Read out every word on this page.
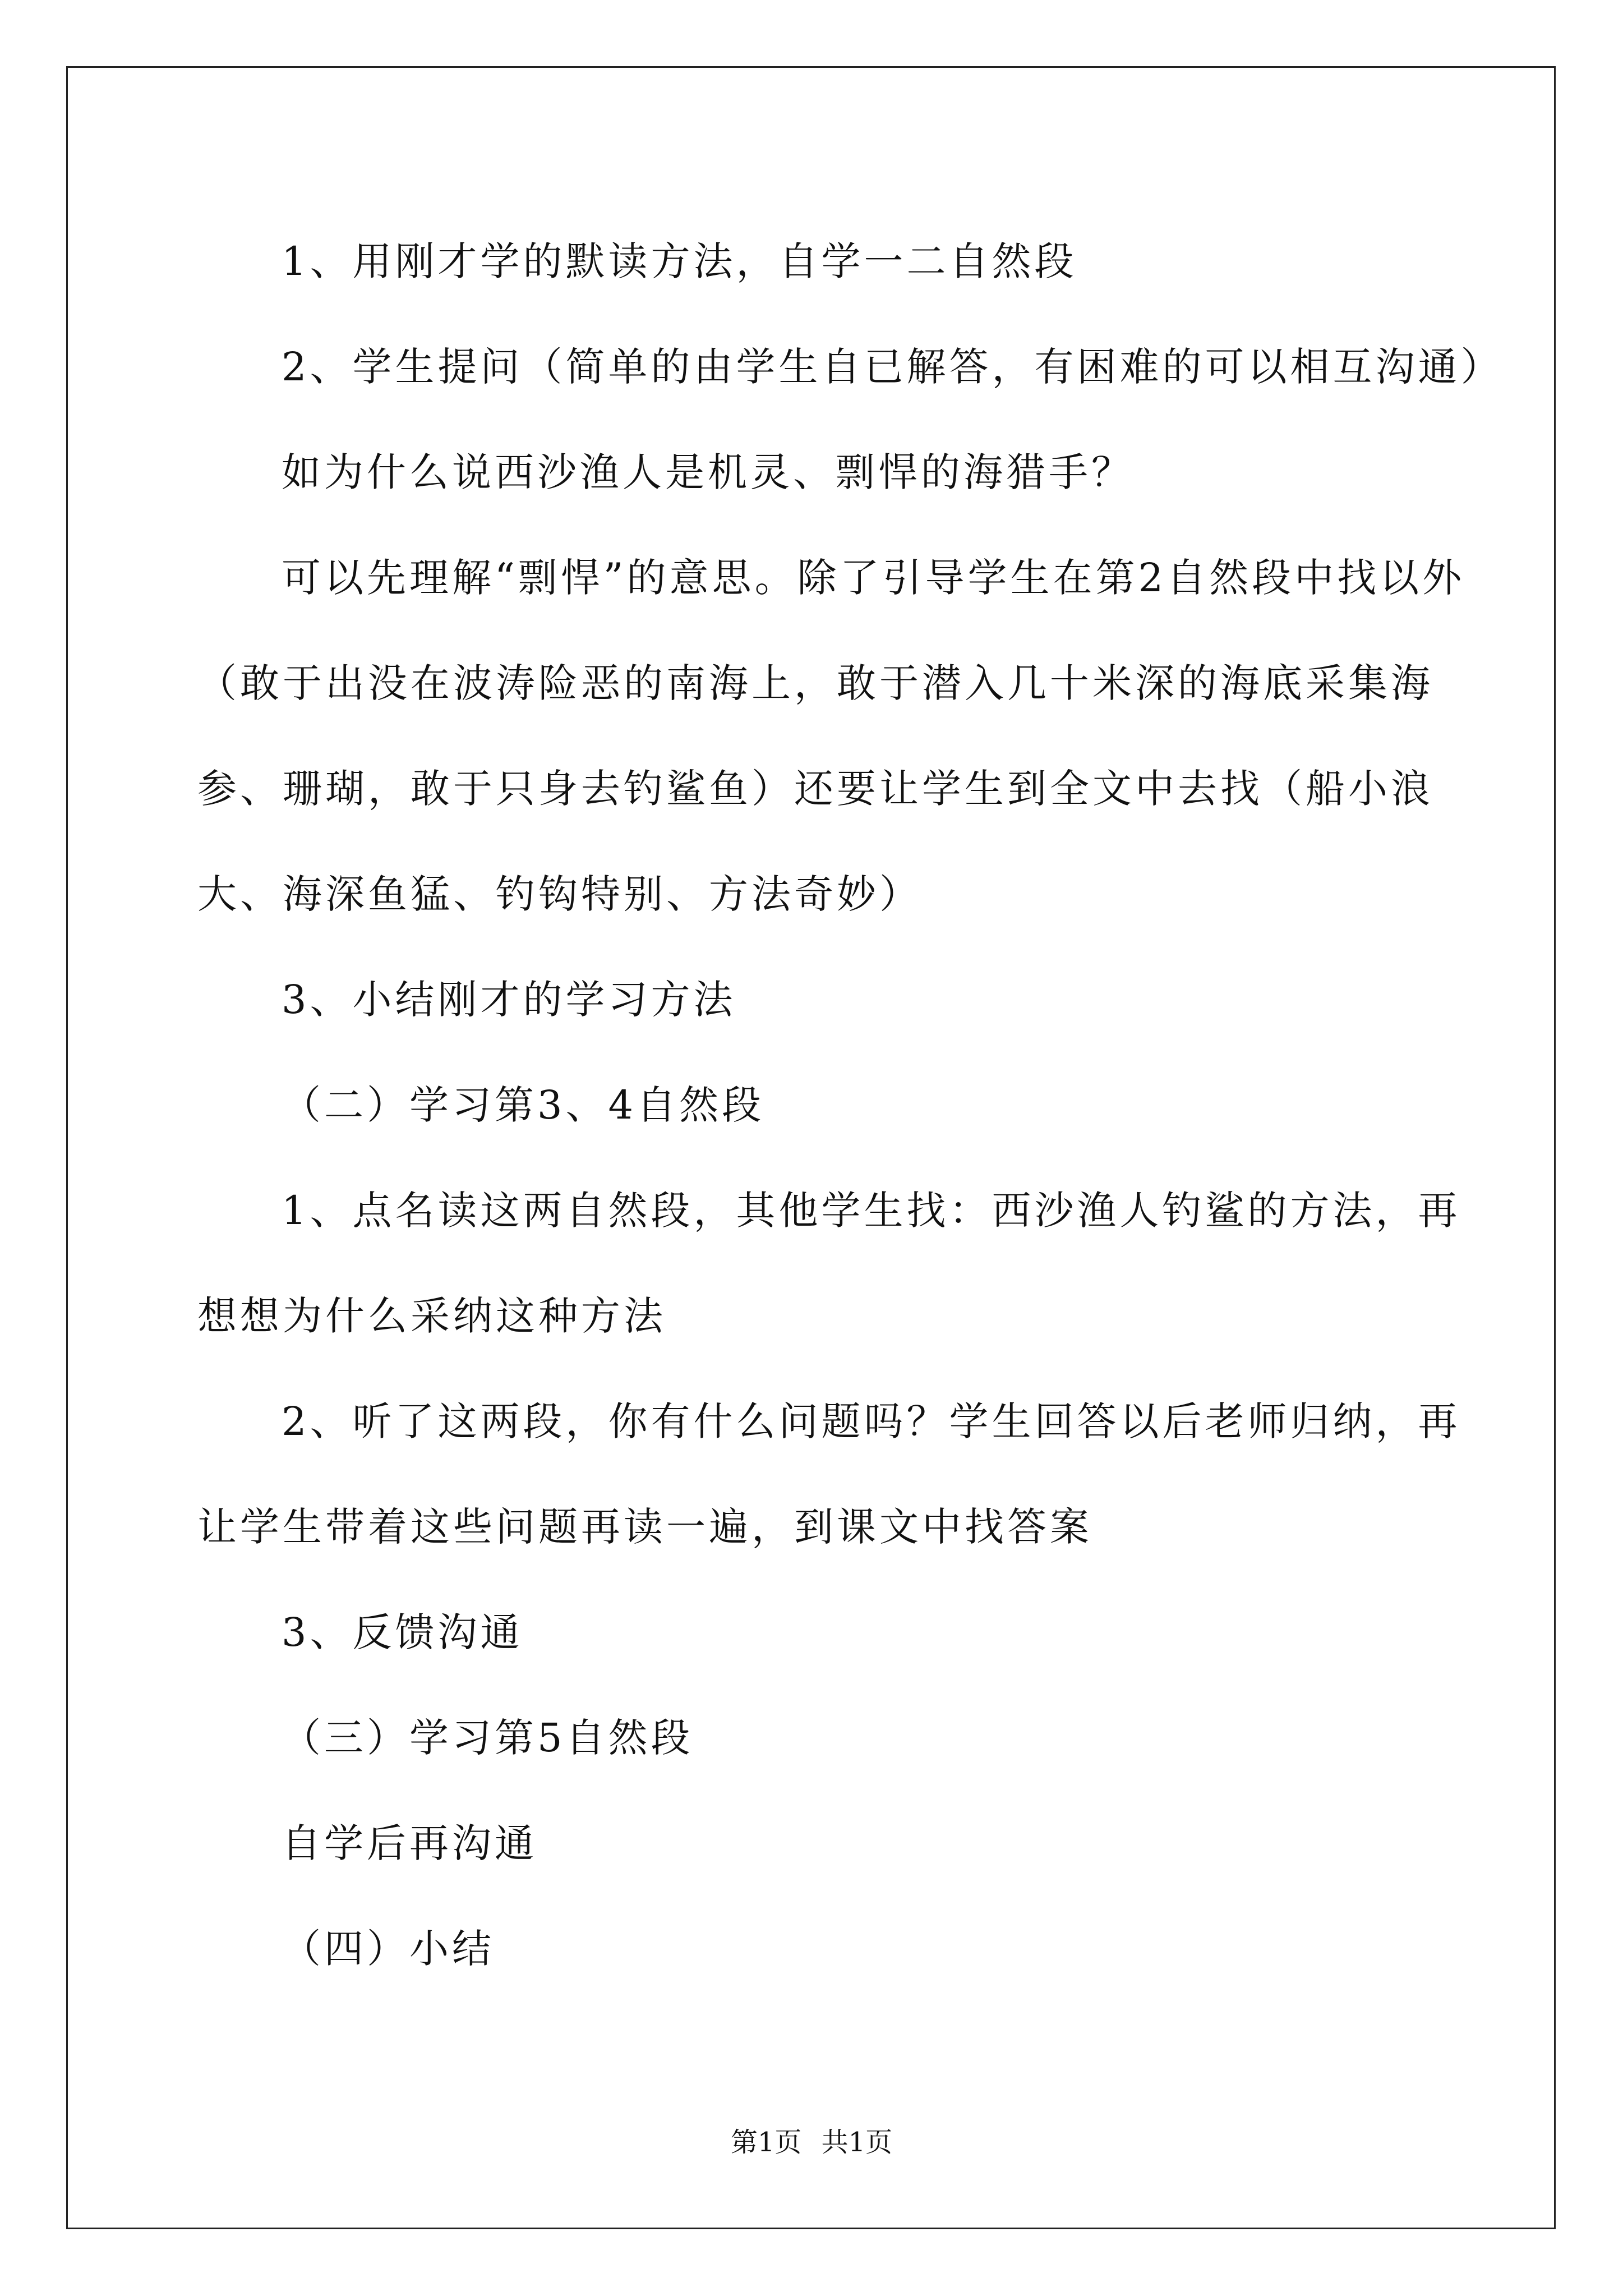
1、用刚才学的默读方法，自学一二自然段

2、学生提问（简单的由学生自已解答，有困难的可以相互沟通）

如为什么说西沙渔人是机灵、剽悍的海猎手？

可以先理解“剽悍”的意思。除了引导学生在第2自然段中找以外（敢于出没在波涛险恶的南海上，敢于潜入几十米深的海底采集海参、珊瑚，敢于只身去钓鲨鱼）还要让学生到全文中去找（船小浪大、海深鱼猛、钓钩特别、方法奇妙）

3、小结刚才的学习方法

（二）学习第3、4自然段

1、点名读这两自然段，其他学生找：西沙渔人钓鲨的方法，再想想为什么采纳这种方法

2、听了这两段，你有什么问题吗？学生回答以后老师归纳，再让学生带着这些问题再读一遍，到课文中找答案

3、反馈沟通

（三）学习第5自然段

自学后再沟通

（四）小结

第1页 共1页
